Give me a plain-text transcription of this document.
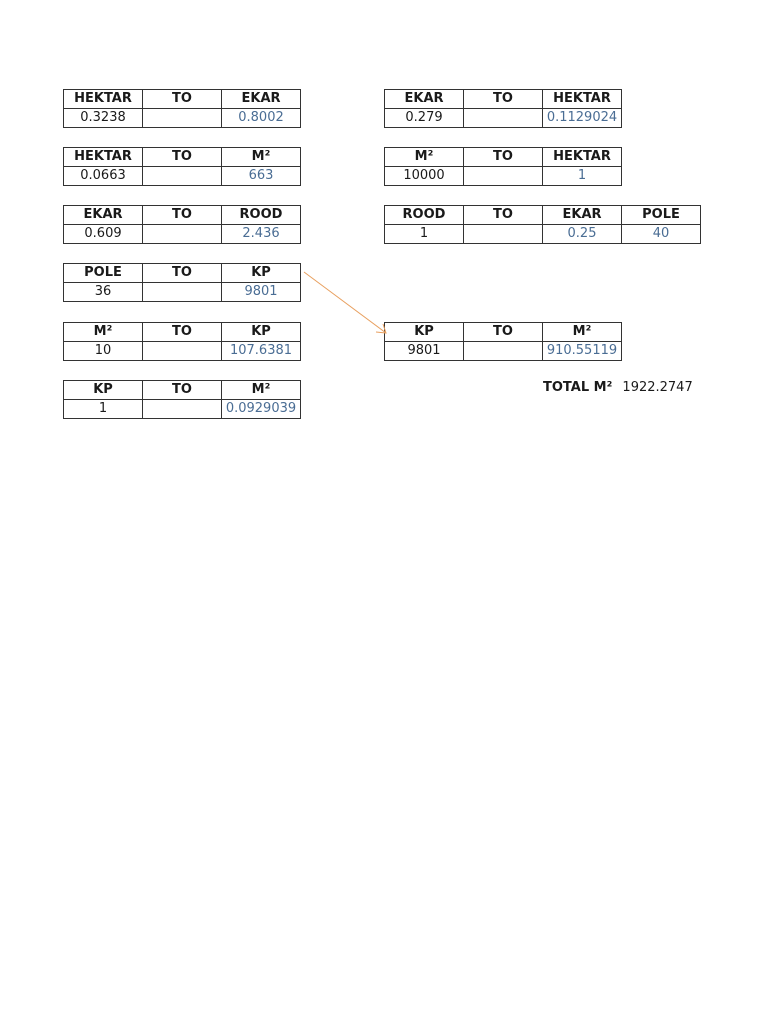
HEKTAR	TO	EKAR
0.3238		0.8002
HEKTAR	TO	M²
0.0663		663
EKAR	TO	ROOD
0.609		2.436
POLE	TO	KP
36		9801
M²	TO	KP
10		107.6381
KP	TO	M²
1		0.0929039
EKAR	TO	HEKTAR
0.279		0.1129024
M²	TO	HEKTAR
10000		1
ROOD	TO	EKAR	POLE
1		0.25	40
KP	TO	M²
9801		910.55119
TOTAL M² 1922.2747
